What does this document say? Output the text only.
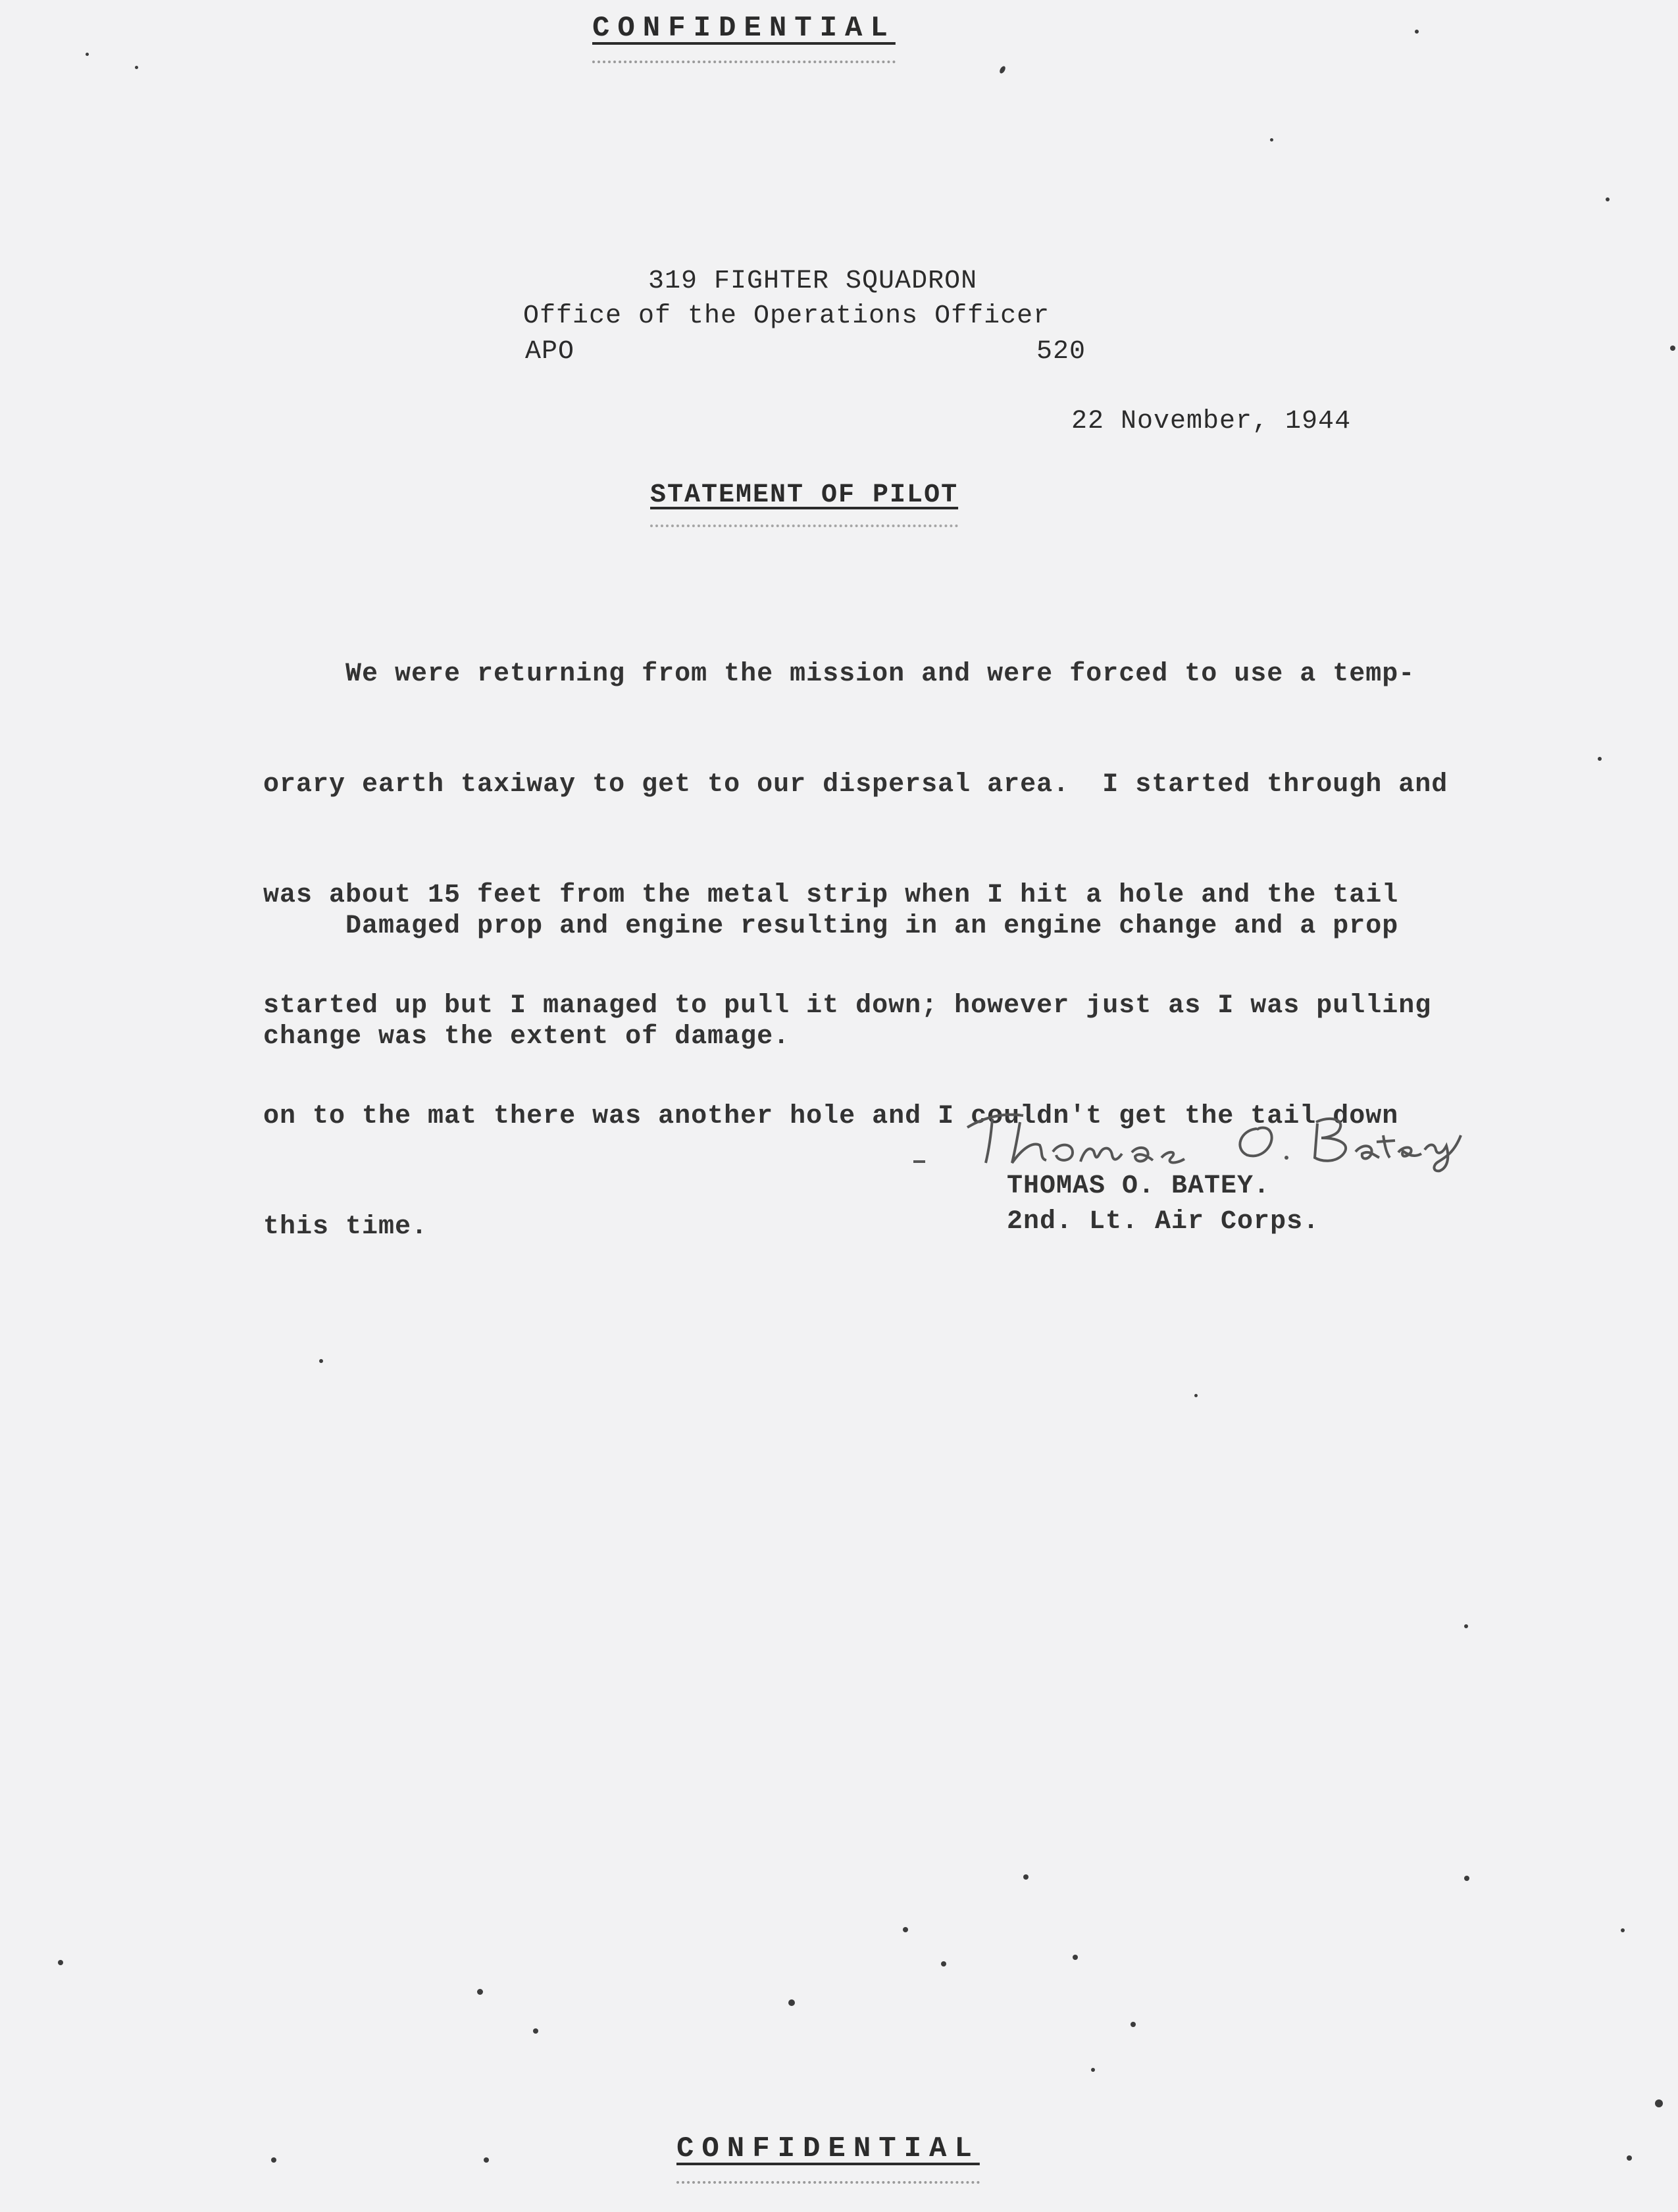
CONFIDENTIAL
319 FIGHTER SQUADRON
Office of the Operations Officer
APO	520
22 November, 1944
STATEMENT OF PILOT

We were returning from the mission and were forced to use a temp-

orary earth taxiway to get to our dispersal area.  I started through and

was about 15 feet from the metal strip when I hit a hole and the tail

started up but I managed to pull it down; however just as I was pulling

on to the mat there was another hole and I couldn't get the tail down

this time.

Damaged prop and engine resulting in an engine change and a prop

change was the extent of damage.

THOMAS O. BATEY.
2nd. Lt. Air Corps.
CONFIDENTIAL
